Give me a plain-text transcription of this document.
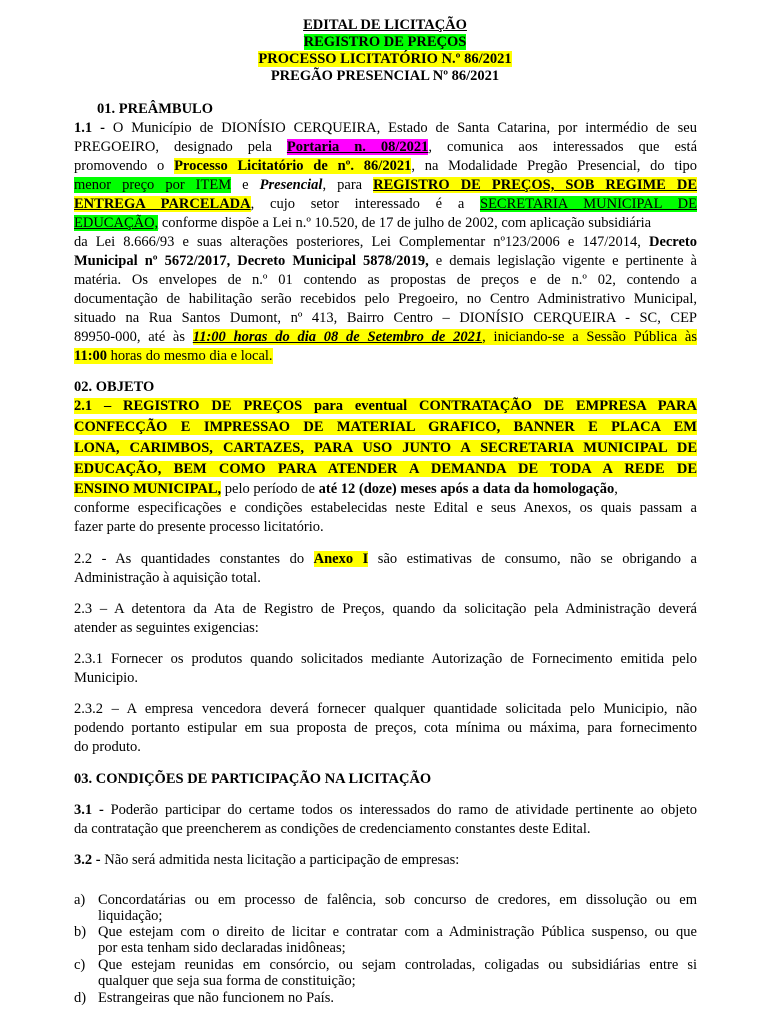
EDITAL DE LICITAÇÃO
REGISTRO DE PREÇOS
PROCESSO LICITATÓRIO N.º 86/2021
PREGÃO PRESENCIAL Nº 86/2021
01. PREÂMBULO
1.1 - O Município de DIONÍSIO CERQUEIRA, Estado de Santa Catarina, por intermédio de seu
PREGOEIRO, designado pela Portaria n. 08/2021, comunica aos interessados que está
promovendo o Processo Licitatório de nº. 86/2021, na Modalidade Pregão Presencial, do tipo
menor preço por ITEM e Presencial, para REGISTRO DE PREÇOS, SOB REGIME DE
ENTREGA PARCELADA, cujo setor interessado é a SECRETARIA MUNICIPAL DE
EDUCAÇÃO, conforme dispõe a Lei n.º 10.520, de 17 de julho de 2002, com aplicação subsidiária
da Lei 8.666/93 e suas alterações posteriores, Lei Complementar nº123/2006 e 147/2014, Decreto
Municipal nº 5672/2017, Decreto Municipal 5878/2019, e demais legislação vigente e pertinente à
matéria. Os envelopes de n.º 01 contendo as propostas de preços e de n.º 02, contendo a
documentação de habilitação serão recebidos pelo Pregoeiro, no Centro Administrativo Municipal,
situado na Rua Santos Dumont, nº 413, Bairro Centro – DIONÍSIO CERQUEIRA - SC, CEP
89950-000, até às 11:00 horas do dia 08 de Setembro de 2021, iniciando-se a Sessão Pública às
11:00 horas do mesmo dia e local.
02. OBJETO
2.1 – REGISTRO DE PREÇOS para eventual CONTRATAÇÃO DE EMPRESA PARA
CONFECÇÃO E IMPRESSAO DE MATERIAL GRAFICO, BANNER E PLACA EM
LONA, CARIMBOS, CARTAZES, PARA USO JUNTO A SECRETARIA MUNICIPAL DE
EDUCAÇÃO, BEM COMO PARA ATENDER A DEMANDA DE TODA A REDE DE
ENSINO MUNICIPAL, pelo período de até 12 (doze) meses após a data da homologação,
conforme especificações e condições estabelecidas neste Edital e seus Anexos, os quais passam a
fazer parte do presente processo licitatório.
2.2 - As quantidades constantes do Anexo I são estimativas de consumo, não se obrigando a
Administração à aquisição total.
2.3 – A detentora da Ata de Registro de Preços, quando da solicitação pela Administração deverá
atender as seguintes exigencias:
2.3.1 Fornecer os produtos quando solicitados mediante Autorização de Fornecimento emitida pelo
Municipio.
2.3.2 – A empresa vencedora deverá fornecer qualquer quantidade solicitada pelo Municipio, não
podendo portanto estipular em sua proposta de preços, cota mínima ou máxima, para fornecimento
do produto.
03. CONDIÇÕES DE PARTICIPAÇÃO NA LICITAÇÃO
3.1 - Poderão participar do certame todos os interessados do ramo de atividade pertinente ao objeto
da contratação que preencherem as condições de credenciamento constantes deste Edital.
3.2 - Não será admitida nesta licitação a participação de empresas:
a) Concordatárias ou em processo de falência, sob concurso de credores, em dissolução ou em
liquidação;
b) Que estejam com o direito de licitar e contratar com a Administração Pública suspenso, ou que
por esta tenham sido declaradas inidôneas;
c) Que estejam reunidas em consórcio, ou sejam controladas, coligadas ou subsidiárias entre si
qualquer que seja sua forma de constituição;
d) Estrangeiras que não funcionem no País.
